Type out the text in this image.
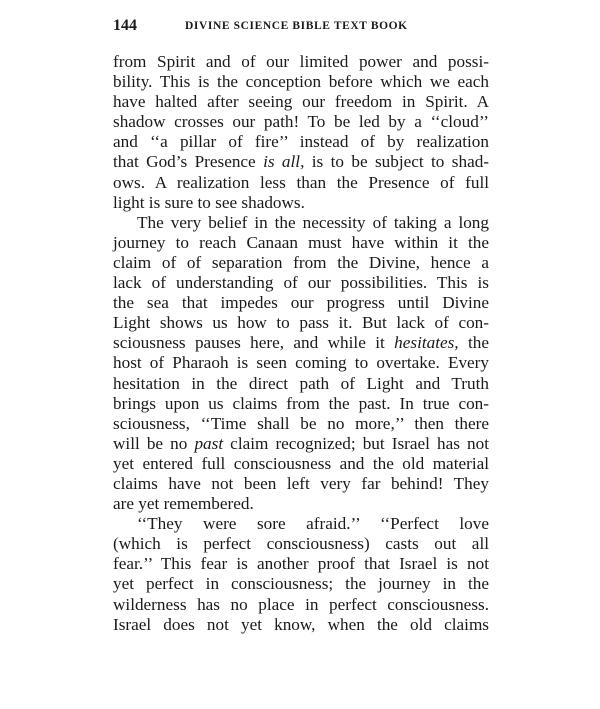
144	DIVINE SCIENCE BIBLE TEXT BOOK
from Spirit and of our limited power and possi-
bility. This is the conception before which we each
have halted after seeing our freedom in Spirit. A
shadow crosses our path! To be led by a ‘‘cloud’’
and ‘‘a pillar of fire’’ instead of by realization
that God’s Presence is all, is to be subject to shad-
ows. A realization less than the Presence of full
light is sure to see shadows.
The very belief in the necessity of taking a long
journey to reach Canaan must have within it the
claim of of separation from the Divine, hence a
lack of understanding of our possibilities. This is
the sea that impedes our progress until Divine
Light shows us how to pass it. But lack of con-
sciousness pauses here, and while it hesitates, the
host of Pharaoh is seen coming to overtake. Every
hesitation in the direct path of Light and Truth
brings upon us claims from the past. In true con-
sciousness, ‘‘Time shall be no more,’’ then there
will be no past claim recognized; but Israel has not
yet entered full consciousness and the old material
claims have not been left very far behind! They
are yet remembered.
‘‘They were sore afraid.’’ ‘‘Perfect love
(which is perfect consciousness) casts out all
fear.’’ This fear is another proof that Israel is not
yet perfect in consciousness; the journey in the
wilderness has no place in perfect consciousness.
Israel does not yet know, when the old claims
